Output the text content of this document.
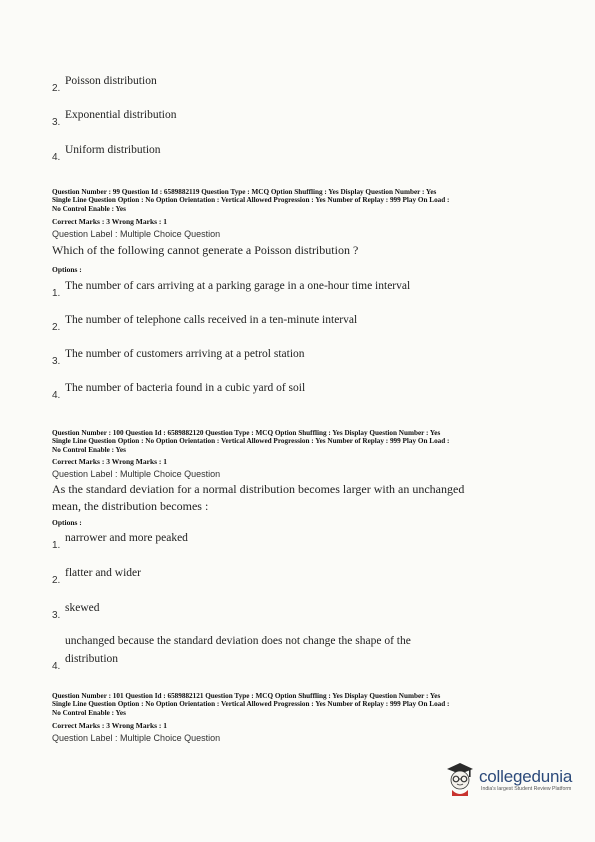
2.
Poisson distribution
3.
Exponential distribution
4.
Uniform distribution
Question Number : 99 Question Id : 6589882119 Question Type : MCQ Option Shuffling : Yes Display Question Number : Yes
Single Line Question Option : No Option Orientation : Vertical Allowed Progression : Yes Number of Replay : 999 Play On Load :
No Control Enable : Yes
Correct Marks : 3 Wrong Marks : 1
Question Label : Multiple Choice Question
Which of the following cannot generate a Poisson distribution ?
Options :
1.
The number of cars arriving at a parking garage in a one-hour time interval
2.
The number of telephone calls received in a ten-minute interval
3.
The number of customers arriving at a petrol station
4.
The number of bacteria found in a cubic yard of soil
Question Number : 100 Question Id : 6589882120 Question Type : MCQ Option Shuffling : Yes Display Question Number : Yes
Single Line Question Option : No Option Orientation : Vertical Allowed Progression : Yes Number of Replay : 999 Play On Load :
No Control Enable : Yes
Correct Marks : 3 Wrong Marks : 1
Question Label : Multiple Choice Question
As the standard deviation for a normal distribution becomes larger with an unchanged mean, the distribution becomes :
Options :
1.
narrower and more peaked
2.
flatter and wider
3.
skewed
4.
unchanged because the standard deviation does not change the shape of the distribution
Question Number : 101 Question Id : 6589882121 Question Type : MCQ Option Shuffling : Yes Display Question Number : Yes
Single Line Question Option : No Option Orientation : Vertical Allowed Progression : Yes Number of Replay : 999 Play On Load :
No Control Enable : Yes
Correct Marks : 3 Wrong Marks : 1
Question Label : Multiple Choice Question
collegedunia
India's largest Student Review Platform
